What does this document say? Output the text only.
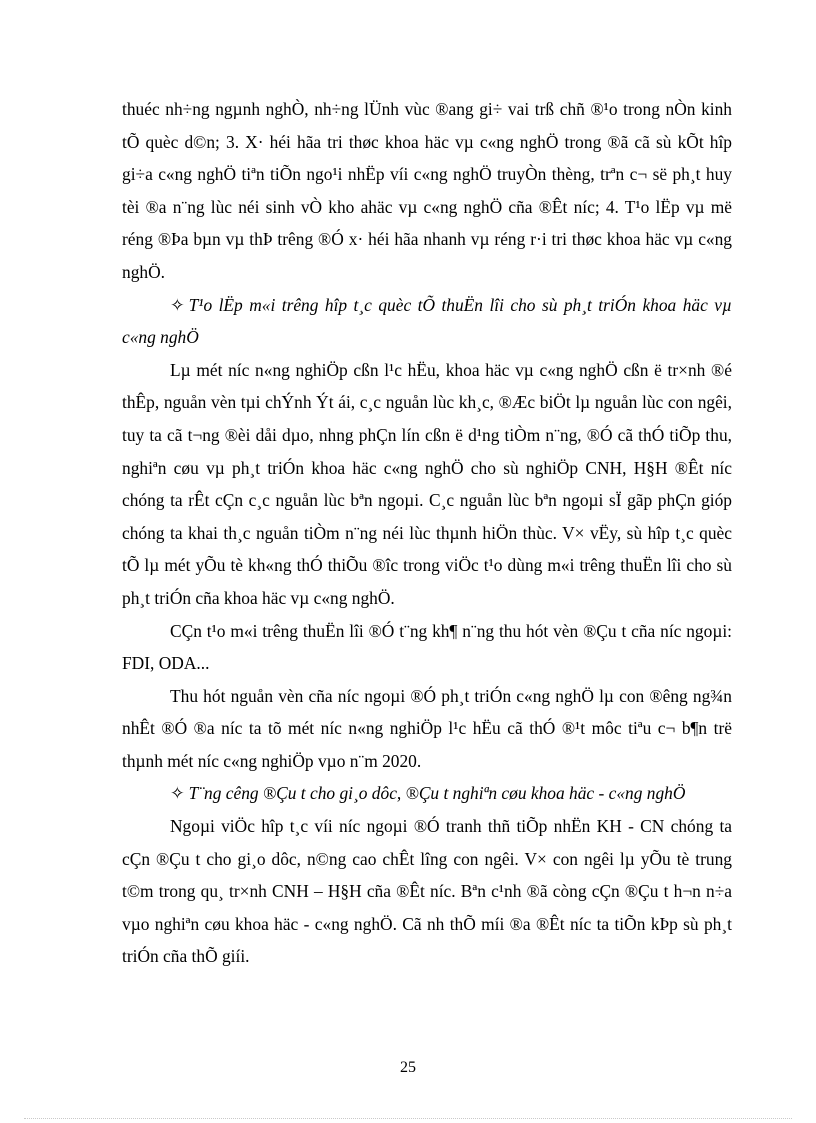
thuéc nh÷ng ngµnh nghÒ, nh÷ng lÜnh vùc ®ang gi÷ vai trß chñ ®¹o trong nÒn kinh tÕ quèc d©n; 3. X· héi hãa tri thøc khoa häc vµ c«ng nghÖ trong ®ã cã sù kÕt hîp gi÷a c«ng nghÖ tiªn tiÕn ngo¹i nhËp víi c«ng nghÖ truyÒn thèng, trªn c¬ së ph¸t huy tèi ®a n¨ng lùc néi sinh vÒ kho ahäc vµ c«ng nghÖ cña ®Êt níc; 4. T¹o lËp vµ më réng ®Þa bµn vµ thÞ trêng ®Ó x· héi hãa nhanh vµ réng r·i tri thøc khoa häc vµ c«ng nghÖ.

✧ T¹o lËp m«i trêng hîp t¸c quèc tÕ thuËn lîi cho sù ph¸t triÓn khoa häc vµ c«ng nghÖ

Lµ mét níc n«ng nghiÖp cßn l¹c hËu, khoa häc vµ c«ng nghÖ cßn ë tr×nh ®é thÊp, nguån vèn tµi chÝnh Ýt ái, c¸c nguån lùc kh¸c, ®Æc biÖt lµ nguån lùc con ngêi, tuy ta cã t¬ng ®èi dåi dµo, nhng phÇn lín cßn ë d¹ng tiÒm n¨ng, ®Ó cã thÓ tiÕp thu, nghiªn cøu vµ ph¸t triÓn khoa häc c«ng nghÖ cho sù nghiÖp CNH, H§H ®Êt níc chóng ta rÊt cÇn c¸c nguån lùc bªn ngoµi. C¸c nguån lùc bªn ngoµi sÏ gãp phÇn gióp chóng ta khai th¸c nguån tiÒm n¨ng néi lùc thµnh hiÖn thùc. V× vËy, sù hîp t¸c quèc tÕ lµ mét yÕu tè kh«ng thÓ thiÕu ®îc trong viÖc t¹o dùng m«i trêng thuËn lîi cho sù ph¸t triÓn cña khoa häc vµ c«ng nghÖ.

CÇn t¹o m«i trêng thuËn lîi ®Ó t¨ng kh¶ n¨ng thu hót vèn ®Çu t cña níc ngoµi: FDI, ODA...

Thu hót nguån vèn cña níc ngoµi ®Ó ph¸t triÓn c«ng nghÖ lµ con ®êng ng¾n nhÊt ®Ó ®a níc ta tõ mét níc n«ng nghiÖp l¹c hËu cã thÓ ®¹t môc tiªu c¬ b¶n trë thµnh mét níc c«ng nghiÖp vµo n¨m 2020.

✧ T¨ng cêng ®Çu t cho gi¸o dôc, ®Çu t nghiªn cøu khoa häc - c«ng nghÖ

Ngoµi viÖc hîp t¸c víi níc ngoµi ®Ó tranh thñ tiÕp nhËn KH - CN chóng ta cÇn ®Çu t cho gi¸o dôc, n©ng cao chÊt lîng con ngêi. V× con ngêi lµ yÕu tè trung t©m trong qu¸ tr×nh CNH – H§H cña ®Êt níc. Bªn c¹nh ®ã còng cÇn ®Çu t h¬n n÷a vµo nghiªn cøu khoa häc - c«ng nghÖ. Cã nh thÕ míi ®a ®Êt níc ta tiÕn kÞp sù ph¸t triÓn cña thÕ giíi.

25
